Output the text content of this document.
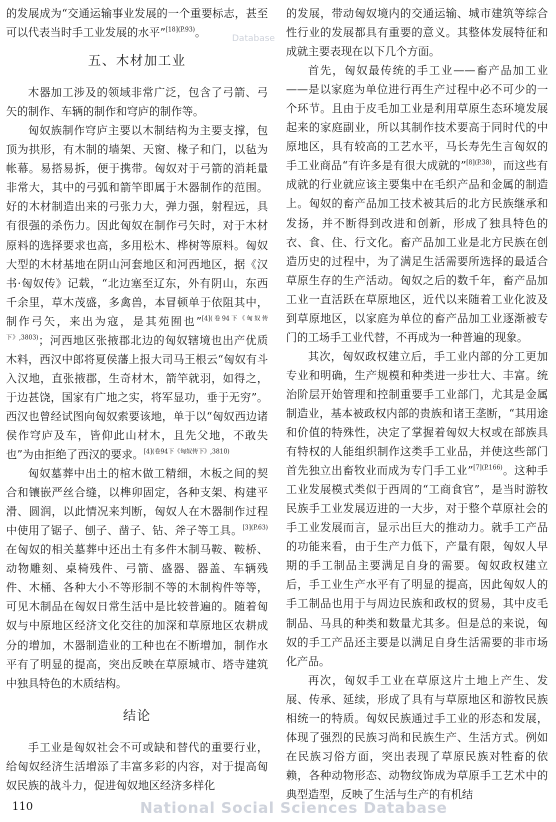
的发展成为“交通运输事业发展的一个重要标志，甚至可以代表当时手工业发展的水平”$^{[18](P.93)}$。

五、木材加工业

木器加工涉及的领域非常广泛，包含了弓箭、弓矢的制作、车辆的制作和穹庐的制作等。

匈奴族制作穹庐主要以木制结构为主要支撑，包顶为拱形，有木制的墙架、天窗、椽子和门，以毡为帐幕。易搭易拆，便于携带。匈奴对于弓箭的消耗量非常大，其中的弓弧和箭竿即属于木器制作的范围。好的木材制造出来的弓张力大，弹力强，射程远，具有很强的杀伤力。因此匈奴在制作弓矢时，对于木材原料的选择要求也高，多用松木、桦树等原料。匈奴大型的木材基地在阴山河套地区和河西地区，据《汉书·匈奴传》记载，“北边塞至辽东，外有阴山，东西千余里，草木茂盛，多禽兽，本冒顿单于依阻其中，制作弓矢，来出为寇，是其苑囿也”$^{[4](卷94下《匈奴传下》,3803)}$；河西地区张掖郡北边的匈奴辖境也出产优质木料，西汉中郎将夏侯藩上报大司马王根云“匈奴有斗入汉地，直张掖郡，生奇材木，箭竿就羽，如得之，于边甚饶，国家有广地之实，将军显功，垂于无穷”。西汉也曾经试图向匈奴索要该地，单于以“匈奴西边诸侯作穹庐及车，皆仰此山材木，且先父地，不敢失也”为由拒绝了西汉的要求。$^{[4](卷94下《匈奴传下》,3810)}$

匈奴墓葬中出土的棺木做工精细，木板之间的契合和镶嵌严丝合缝，以榫卯固定，各种支架、构建平滑、圆润，以此情况来判断，匈奴人在木器制作过程中使用了锯子、刨子、凿子、钻、斧子等工具。$^{[3](P.63)}$在匈奴的相关墓葬中还出土有多件木制马鞍、鞍桥、动物雕刻、桌椅残件、弓箭、盛器、器盖、车辆残件、木桶、各种大小不等形制不等的木制构件等等，可见木制品在匈奴日常生活中是比较普遍的。随着匈奴与中原地区经济文化交往的加深和草原地区农耕成分的增加，木器制造业的工种也在不断增加，制作水平有了明显的提高，突出反映在草原城市、塔寺建筑中独具特色的木质结构。

结论

手工业是匈奴社会不可或缺和替代的重要行业，给匈奴经济生活增添了丰富多彩的内容，对于提高匈奴民族的战斗力，促进匈奴地区经济多样化

的发展，带动匈奴境内的交通运输、城市建筑等综合性行业的发展都具有重要的意义。其整体发展特征和成就主要表现在以下几个方面。

首先，匈奴最传统的手工业——畜产品加工业——是以家庭为单位进行再生产过程中必不可少的一个环节。且由于皮毛加工业是利用草原生态环境发展起来的家庭副业，所以其制作技术要高于同时代的中原地区，具有较高的工艺水平，马长寿先生言匈奴的手工业商品“有许多是有很大成就的”$^{[8](P.38)}$，而这些有成就的行业就应该主要集中在毛织产品和金属的制造上。匈奴的畜产品加工技术被其后的北方民族继承和发扬，并不断得到改进和创新，形成了独具特色的衣、食、住、行文化。畜产品加工业是北方民族在创造历史的过程中，为了满足生活需要所选择的最适合草原生存的生产活动。匈奴之后的数千年，畜产品加工业一直活跃在草原地区，近代以来随着工业化波及到草原地区，以家庭为单位的畜产品加工业逐渐被专门的工场手工业代替，不再成为一种普遍的现象。

其次，匈奴政权建立后，手工业内部的分工更加专业和明确，生产规模和种类进一步壮大、丰富。统治阶层开始管理和控制重要手工业部门，尤其是金属制造业，基本被政权内部的贵族和诸王垄断，“其用途和价值的特殊性，决定了掌握着匈奴大权或在部族具有特权的人能组织制作这类手工业品，并使这些部门首先独立出畜牧业而成为专门手工业”$^{[7](P.166)}$。这种手工业发展模式类似于西周的“工商食官”，是当时游牧民族手工业发展迈进的一大步，对于整个草原社会的手工业发展而言，显示出巨大的推动力。就手工产品的功能来看，由于生产力低下，产量有限，匈奴人早期的手工制品主要满足自身的需要。匈奴政权建立后，手工业生产水平有了明显的提高，因此匈奴人的手工制品也用于与周边民族和政权的贸易，其中皮毛制品、马具的种类和数量尤其多。但是总的来说，匈奴的手工产品还主要是以满足自身生活需要的非市场化产品。

再次，匈奴手工业在草原这片土地上产生、发展、传承、延续，形成了具有与草原地区和游牧民族相统一的特质。匈奴民族通过手工业的形态和发展，体现了强烈的民族习尚和民族生产、生活方式。例如在民族习俗方面，突出表现了草原民族对牲畜的依赖，各种动物形态、动物纹饰成为草原手工艺术中的典型造型，反映了生活与生产的有机结

Database
110	National Social Sciences Database
